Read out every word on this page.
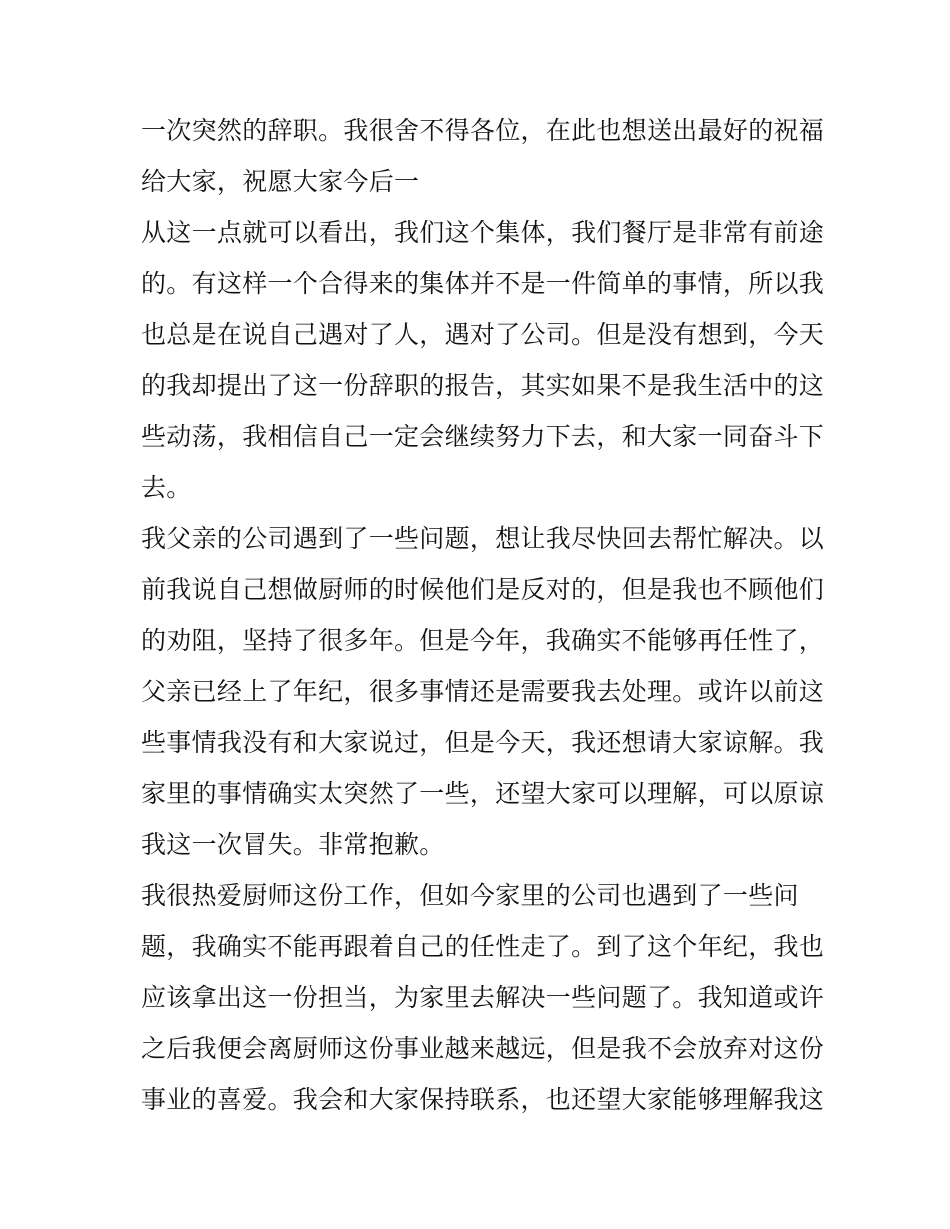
一次突然的辞职。我很舍不得各位，在此也想送出最好的祝福
给大家，祝愿大家今后一
从这一点就可以看出，我们这个集体，我们餐厅是非常有前途
的。有这样一个合得来的集体并不是一件简单的事情，所以我
也总是在说自己遇对了人，遇对了公司。但是没有想到，今天
的我却提出了这一份辞职的报告，其实如果不是我生活中的这
些动荡，我相信自己一定会继续努力下去，和大家一同奋斗下
去。
我父亲的公司遇到了一些问题，想让我尽快回去帮忙解决。以
前我说自己想做厨师的时候他们是反对的，但是我也不顾他们
的劝阻，坚持了很多年。但是今年，我确实不能够再任性了，
父亲已经上了年纪，很多事情还是需要我去处理。或许以前这
些事情我没有和大家说过，但是今天，我还想请大家谅解。我
家里的事情确实太突然了一些，还望大家可以理解，可以原谅
我这一次冒失。非常抱歉。
我很热爱厨师这份工作，但如今家里的公司也遇到了一些问
题，我确实不能再跟着自己的任性走了。到了这个年纪，我也
应该拿出这一份担当，为家里去解决一些问题了。我知道或许
之后我便会离厨师这份事业越来越远，但是我不会放弃对这份
事业的喜爱。我会和大家保持联系，也还望大家能够理解我这
